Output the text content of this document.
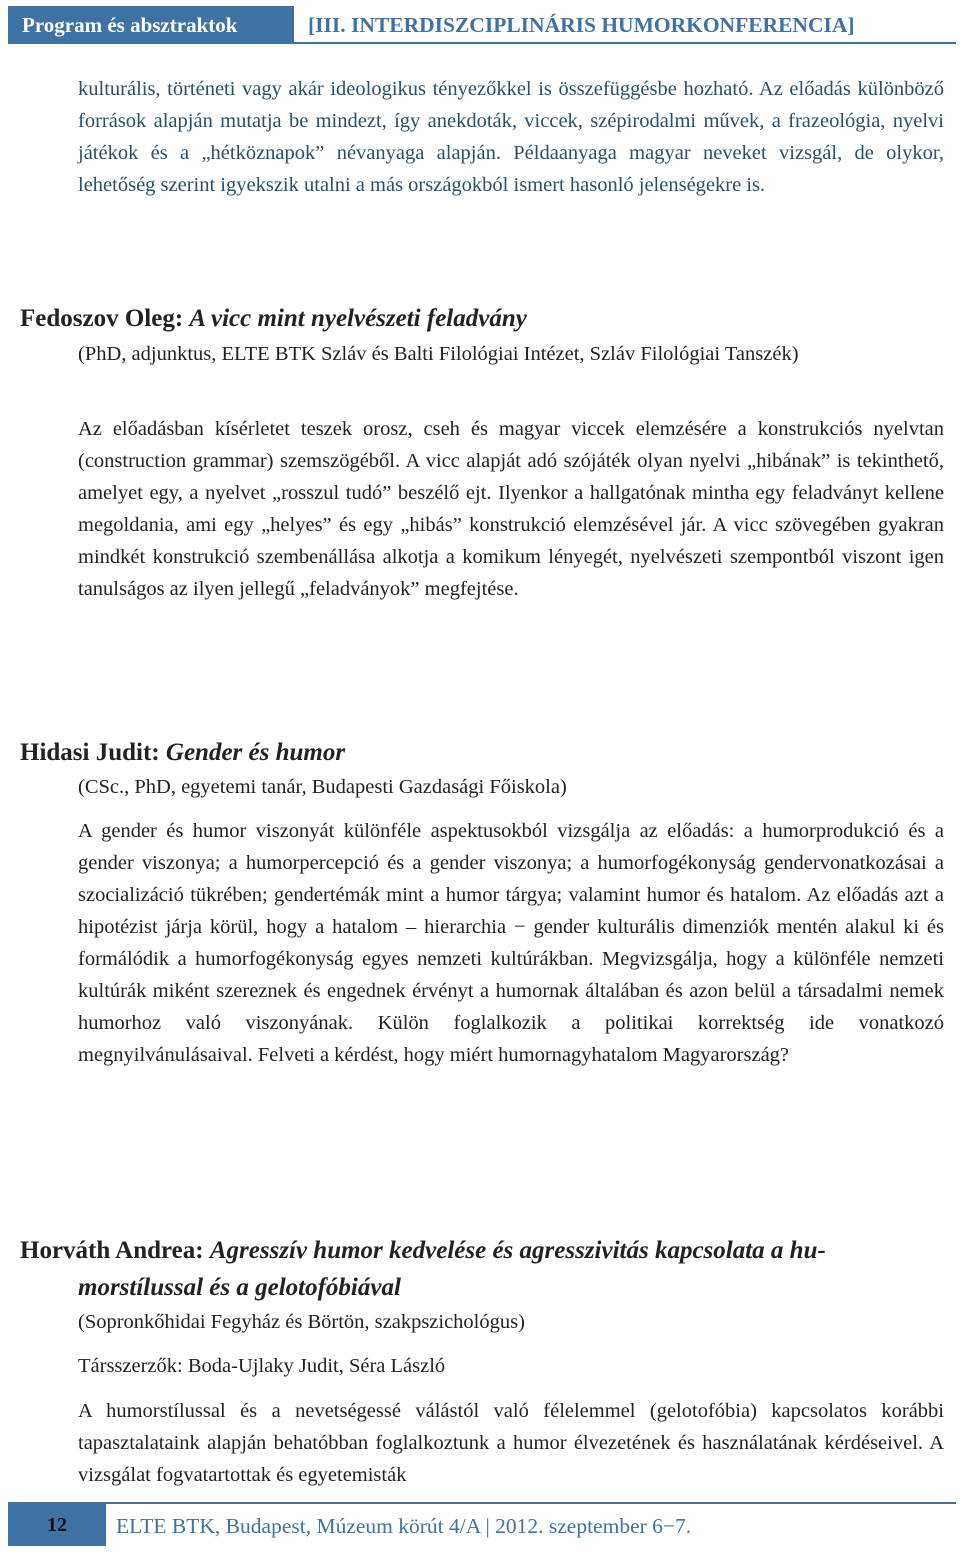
Program és absztraktok	[III. INTERDISZCIPLINÁRIS HUMORKONFERENCIA]

kulturális, történeti vagy akár ideologikus tényezőkkel is összefüggésbe hozható. Az előadás különböző források alapján mutatja be mindezt, így anekdoták, viccek, szépirodalmi művek, a frazeológia, nyelvi játékok és a „hétköznapok” névanyaga alapján. Példaanyaga magyar neveket vizsgál, de olykor, lehetőség szerint igyekszik utalni a más országokból ismert hasonló jelenségekre is.

Fedoszov Oleg: A vicc mint nyelvészeti feladvány

(PhD, adjunktus, ELTE BTK Szláv és Balti Filológiai Intézet, Szláv Filológiai Tanszék)

Az előadásban kísérletet teszek orosz, cseh és magyar viccek elemzésére a konstrukciós nyelvtan (construction grammar) szemszögéből. A vicc alapját adó szójáték olyan nyelvi „hibának” is tekinthető, amelyet egy, a nyelvet „rosszul tudó” beszélő ejt. Ilyenkor a hallgatónak mintha egy feladványt kellene megoldania, ami egy „helyes” és egy „hibás” konstrukció elemzésével jár. A vicc szövegében gyakran mindkét konstrukció szembenállása alkotja a komikum lényegét, nyelvészeti szempontból viszont igen tanulságos az ilyen jellegű „feladványok” megfejtése.

Hidasi Judit: Gender és humor

(CSc., PhD, egyetemi tanár, Budapesti Gazdasági Főiskola)

A gender és humor viszonyát különféle aspektusokból vizsgálja az előadás: a humorprodukció és a gender viszonya; a humorpercepció és a gender viszonya; a humorfogékonyság gendervonatkozásai a szocializáció tükrében; gendertémák mint a humor tárgya; valamint humor és hatalom. Az előadás azt a hipotézist járja körül, hogy a hatalom – hierarchia − gender kulturális dimenziók mentén alakul ki és formálódik a humorfogékonyság egyes nemzeti kultúrákban. Megvizsgálja, hogy a különféle nemzeti kultúrák miként szereznek és engednek érvényt a humornak általában és azon belül a társadalmi nemek humorhoz való viszonyának. Külön foglalkozik a politikai korrektség ide vonatkozó megnyilvánulásaival. Felveti a kérdést, hogy miért humornagyhatalom Magyarország?

Horváth Andrea: Agresszív humor kedvelése és agresszivitás kapcsolata a hu-
morstílussal és a gelotofóbiával

(Sopronkőhidai Fegyház és Börtön, szakpszichológus)

Társszerzők: Boda-Ujlaky Judit, Séra László

A humorstílussal és a nevetségessé válástól való félelemmel (gelotofóbia) kapcsolatos korábbi tapasztalataink alapján behatóbban foglalkoztunk a humor élvezetének és használatának kérdéseivel. A vizsgálat fogvatartottak és egyetemisták

12	ELTE BTK, Budapest, Múzeum körút 4/A | 2012. szeptember 6−7.
